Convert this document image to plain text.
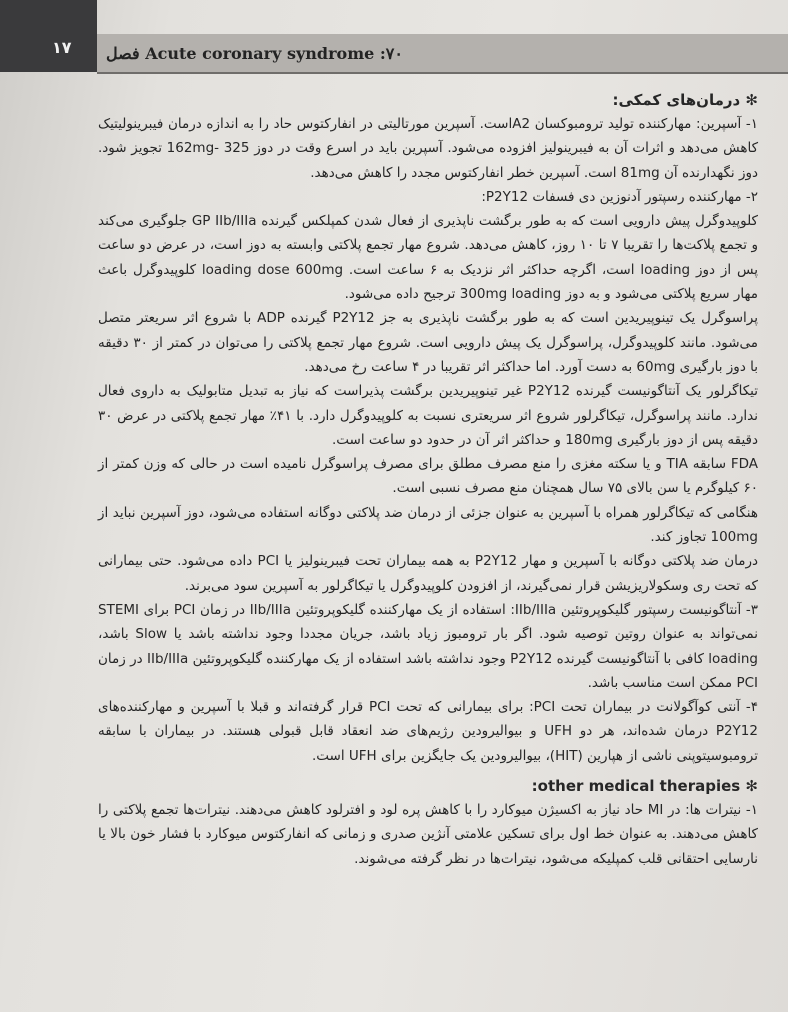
۱۷ Acute coronary syndrome :۷۰ فصل

✻ درمان‌های کمکی:

۱- آسپرین: مهارکننده تولید ترومبوکسان A2است. آسپرین مورتالیتی در انفارکتوس حاد را به اندازه درمان فیبرینولیتیک کاهش می‌دهد و اثرات آن به فیبرینولیز افزوده می‌شود. آسپرین باید در اسرع وقت در دوز 162mg- 325 تجویز شود. دوز نگهدارنده آن 81mg است. آسپرین خطر انفارکتوس مجدد را کاهش می‌دهد.

۲- مهارکننده رسپتور آدنوزین دی فسفات P2Y12:

کلوپیدوگرل پیش دارویی است که به طور برگشت ناپذیری از فعال شدن کمپلکس گیرنده GP IIb/IIIa جلوگیری می‌کند و تجمع پلاکت‌ها را تقریبا ۷ تا ۱۰ روز، کاهش می‌دهد. شروع مهار تجمع پلاکتی وابسته به دوز است، در عرض دو ساعت پس از دوز loading است، اگرچه حداکثر اثر نزدیک به ۶ ساعت است. loading dose 600mg کلوپیدوگرل باعث مهار سریع پلاکتی می‌شود و به دوز 300mg loading ترجیح داده می‌شود.

پراسوگرل یک تینوپیریدین است که به طور برگشت ناپذیری به جز P2Y12 گیرنده ADP با شروع اثر سریعتر متصل می‌شود. مانند کلوپیدوگرل، پراسوگرل یک پیش دارویی است. شروع مهار تجمع پلاکتی را می‌توان در کمتر از ۳۰ دقیقه با دوز بارگیری 60mg به دست آورد. اما حداکثر اثر تقریبا در ۴ ساعت رخ می‌دهد.

تیکاگرلور یک آنتاگونیست گیرنده P2Y12 غیر تینوپیریدین برگشت پذیراست که نیاز به تبدیل متابولیک به داروی فعال ندارد. مانند پراسوگرل، تیکاگرلور شروع اثر سریعتری نسبت به کلوپیدوگرل دارد. با ۴۱٪ مهار تجمع پلاکتی در عرض ۳۰ دقیقه پس از دوز بارگیری 180mg و حداکثر اثر آن در حدود دو ساعت است.

FDA سابقه TIA و یا سکته مغزی را منع مصرف مطلق برای مصرف پراسوگرل نامیده است در حالی که وزن کمتر از ۶۰ کیلوگرم یا سن بالای ۷۵ سال همچنان منع مصرف نسبی است.

هنگامی که تیکاگرلور همراه با آسپرین به عنوان جزئی از درمان ضد پلاکتی دوگانه استفاده می‌شود، دوز آسپرین نباید از 100mg تجاوز کند.

درمان ضد پلاکتی دوگانه با آسپرین و مهار P2Y12 به همه بیماران تحت فیبرینولیز یا PCI داده می‌شود. حتی بیمارانی که تحت ری وسکولاریزیشن قرار نمی‌گیرند، از افزودن کلوپیدوگرل یا تیکاگرلور به آسپرین سود می‌برند.

۳- آنتاگونیست رسپتور گلیکوپروتئین IIb/IIIa: استفاده از یک مهارکننده گلیکوپروتئین IIb/IIIa در زمان PCI برای STEMI نمی‌تواند به عنوان روتین توصیه شود. اگر بار ترومبوز زیاد باشد، جریان مجددا وجود نداشته باشد یا Slow باشد، loading کافی با آنتاگونیست گیرنده P2Y12 وجود نداشته باشد استفاده از یک مهارکننده گلیکوپروتئین IIb/IIIa در زمان PCI ممکن است مناسب باشد.

۴- آنتی کوآگولانت در بیماران تحت PCI: برای بیمارانی که تحت PCI قرار گرفته‌اند و قبلا با آسپرین و مهارکننده‌های P2Y12 درمان شده‌اند، هر دو UFH و بیوالیرودین رژیم‌های ضد انعقاد قابل قبولی هستند. در بیماران با سابقه ترومبوسیتوپنی ناشی از هپارین (HIT)، بیوالیرودین یک جایگزین برای UFH است.

✻ other medical therapies:

۱- نیترات ها: در MI حاد نیاز به اکسیژن میوکارد را با کاهش پره لود و افترلود کاهش می‌دهند. نیترات‌ها تجمع پلاکتی را کاهش می‌دهند. به عنوان خط اول برای تسکین علامتی آنژین صدری و زمانی که انفارکتوس میوکارد با فشار خون بالا یا نارسایی احتقانی قلب کمپلیکه می‌شود، نیترات‌ها در نظر گرفته می‌شوند.
